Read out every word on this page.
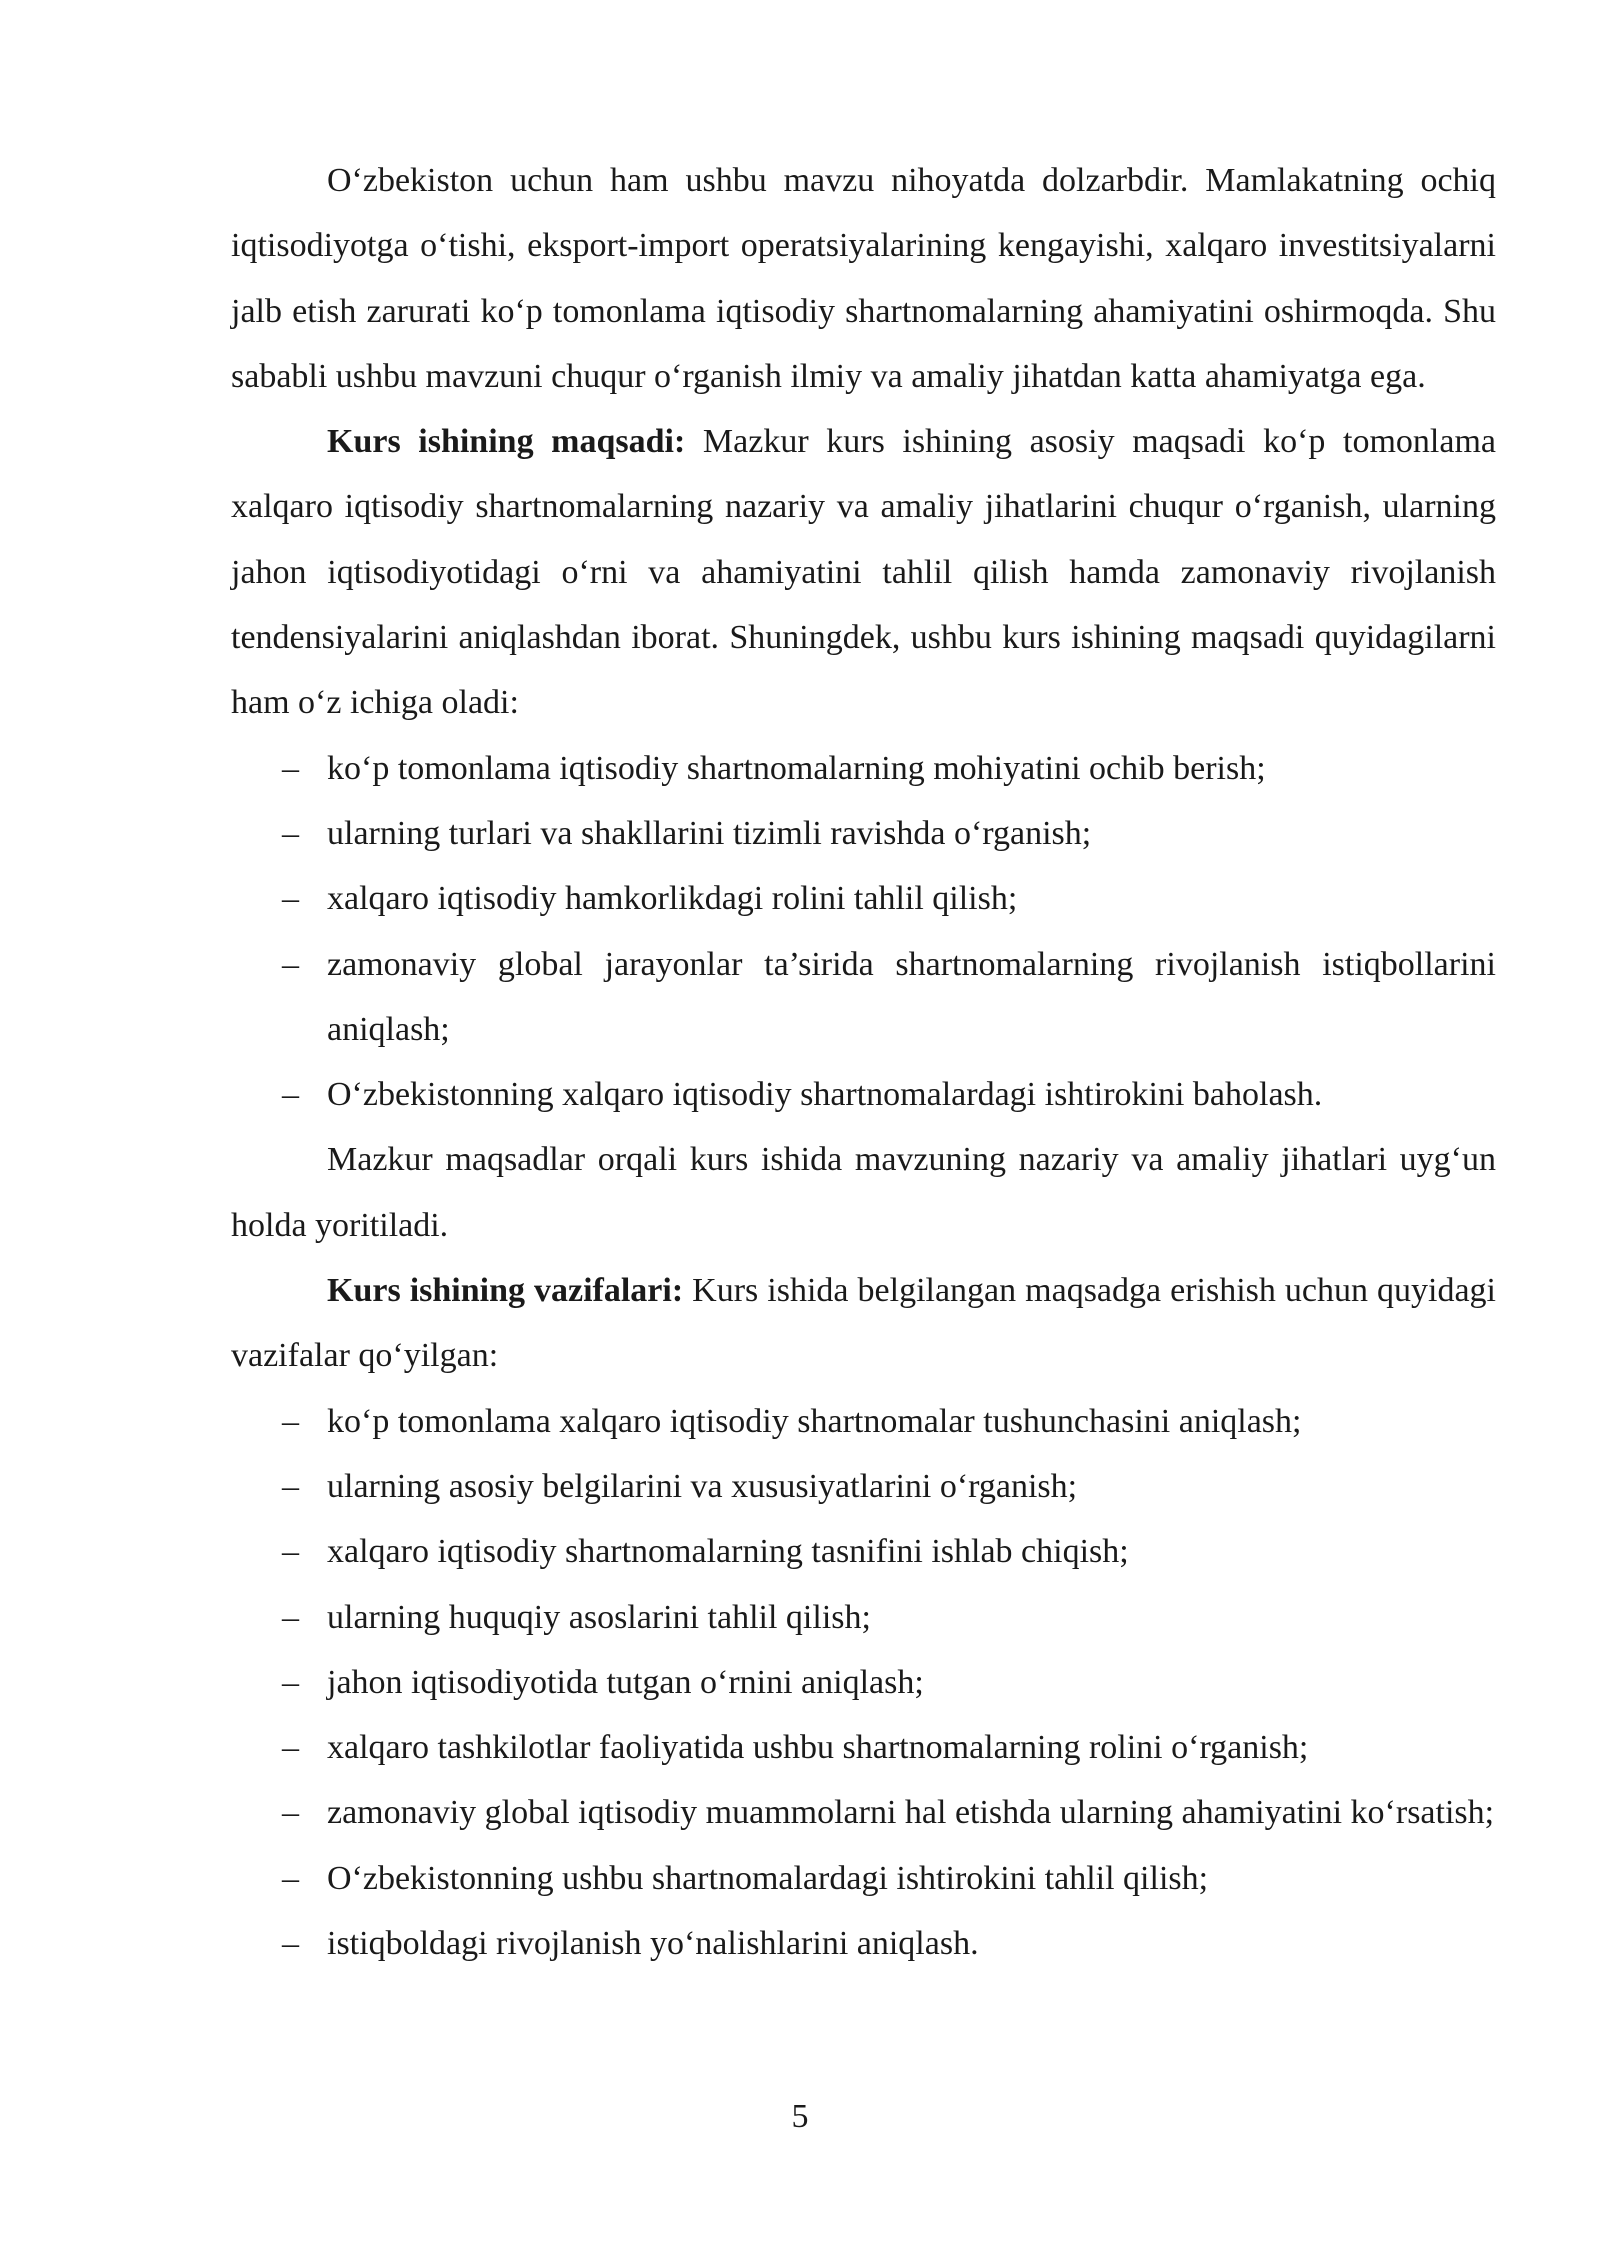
O‘zbekiston uchun ham ushbu mavzu nihoyatda dolzarbdir. Mamlakatning ochiq iqtisodiyotga o‘tishi, eksport-import operatsiyalarining kengayishi, xalqaro investitsiyalarni jalb etish zarurati ko‘p tomonlama iqtisodiy shartnomalarning ahamiyatini oshirmoqda. Shu sababli ushbu mavzuni chuqur o‘rganish ilmiy va amaliy jihatdan katta ahamiyatga ega.

Kurs ishining maqsadi: Mazkur kurs ishining asosiy maqsadi ko‘p tomonlama xalqaro iqtisodiy shartnomalarning nazariy va amaliy jihatlarini chuqur o‘rganish, ularning jahon iqtisodiyotidagi o‘rni va ahamiyatini tahlil qilish hamda zamonaviy rivojlanish tendensiyalarini aniqlashdan iborat. Shuningdek, ushbu kurs ishining maqsadi quyidagilarni ham o‘z ichiga oladi:

– ko‘p tomonlama iqtisodiy shartnomalarning mohiyatini ochib berish;
– ularning turlari va shakllarini tizimli ravishda o‘rganish;
– xalqaro iqtisodiy hamkorlikdagi rolini tahlil qilish;
– zamonaviy global jarayonlar ta’sirida shartnomalarning rivojlanish istiqbollarini aniqlash;
– O‘zbekistonning xalqaro iqtisodiy shartnomalardagi ishtirokini baholash.

Mazkur maqsadlar orqali kurs ishida mavzuning nazariy va amaliy jihatlari uyg‘un holda yoritiladi.

Kurs ishining vazifalari: Kurs ishida belgilangan maqsadga erishish uchun quyidagi vazifalar qo‘yilgan:

– ko‘p tomonlama xalqaro iqtisodiy shartnomalar tushunchasini aniqlash;
– ularning asosiy belgilarini va xususiyatlarini o‘rganish;
– xalqaro iqtisodiy shartnomalarning tasnifini ishlab chiqish;
– ularning huquqiy asoslarini tahlil qilish;
– jahon iqtisodiyotida tutgan o‘rnini aniqlash;
– xalqaro tashkilotlar faoliyatida ushbu shartnomalarning rolini o‘rganish;
– zamonaviy global iqtisodiy muammolarni hal etishda ularning ahamiyatini ko‘rsatish;
– O‘zbekistonning ushbu shartnomalardagi ishtirokini tahlil qilish;
– istiqboldagi rivojlanish yo‘nalishlarini aniqlash.
5
